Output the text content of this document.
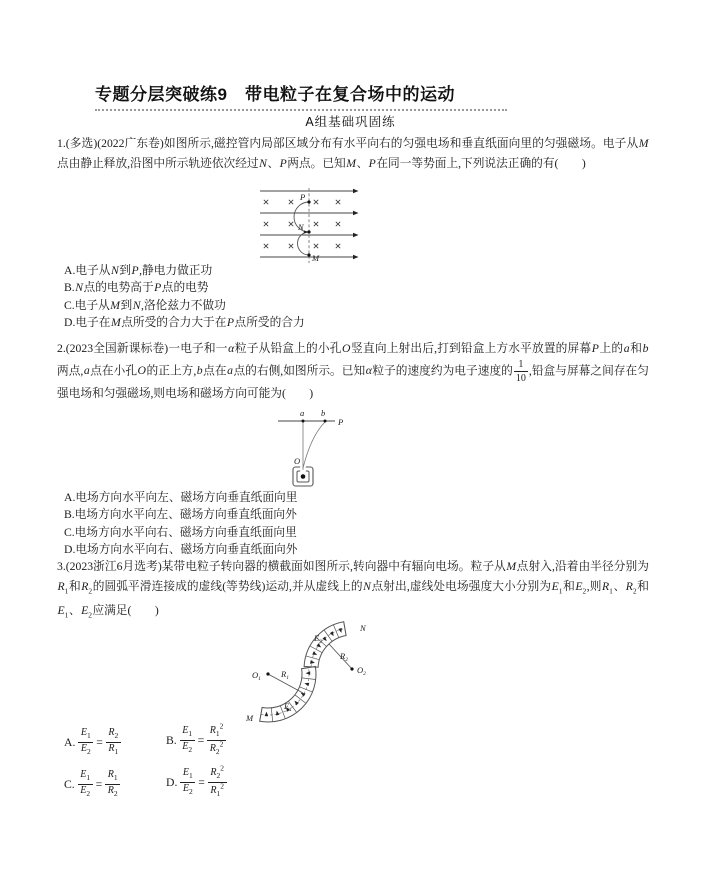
专题分层突破练9　带电粒子在复合场中的运动
A组基础巩固练
1.(多选)(2022广东卷)如图所示,磁控管内局部区域分布有水平向右的匀强电场和垂直纸面向里的匀强磁场。电子从M点由静止释放,沿图中所示轨迹依次经过N、P两点。已知M、P在同一等势面上,下列说法正确的有(　　)
P
N
M
A.电子从N到P,静电力做正功
B.N点的电势高于P点的电势
C.电子从M到N,洛伦兹力不做功
D.电子在M点所受的合力大于在P点所受的合力
2.(2023全国新课标卷)一电子和一α粒子从铅盒上的小孔O竖直向上射出后,打到铅盒上方水平放置的屏幕P上的a和b两点,a点在小孔O的正上方,b点在a点的右侧,如图所示。已知α粒子的速度约为电子速度的 $\frac{1}{10}$ ,铅盒与屏幕之间存在匀强电场和匀强磁场,则电场和磁场方向可能为(　　)
a b
P
O
A.电场方向水平向左、磁场方向垂直纸面向里
B.电场方向水平向左、磁场方向垂直纸面向外
C.电场方向水平向右、磁场方向垂直纸面向里
D.电场方向水平向右、磁场方向垂直纸面向外
3.(2023浙江6月选考)某带电粒子转向器的横截面如图所示,转向器中有辐向电场。粒子从M点射入,沿着由半径分别为$R_1$和$R_2$的圆弧平滑连接成的虚线(等势线)运动,并从虚线上的N点射出,虚线处电场强度大小分别为$E_1$和$E_2$,则$R_1$、$R_2$和$E_1$、$E_2$应满足(　　)
$O_1$
$O_2$
$R_1$
$R_2$
$E_1$
$E_2$
M
N
A. $\frac{E_1}{E_2} = \frac{R_2}{R_1}$	B. $\frac{E_1}{E_2} = \frac{R_1^2}{R_2^2}$
C. $\frac{E_1}{E_2} = \frac{R_1}{R_2}$	D. $\frac{E_1}{E_2} = \frac{R_2^2}{R_1^2}$
